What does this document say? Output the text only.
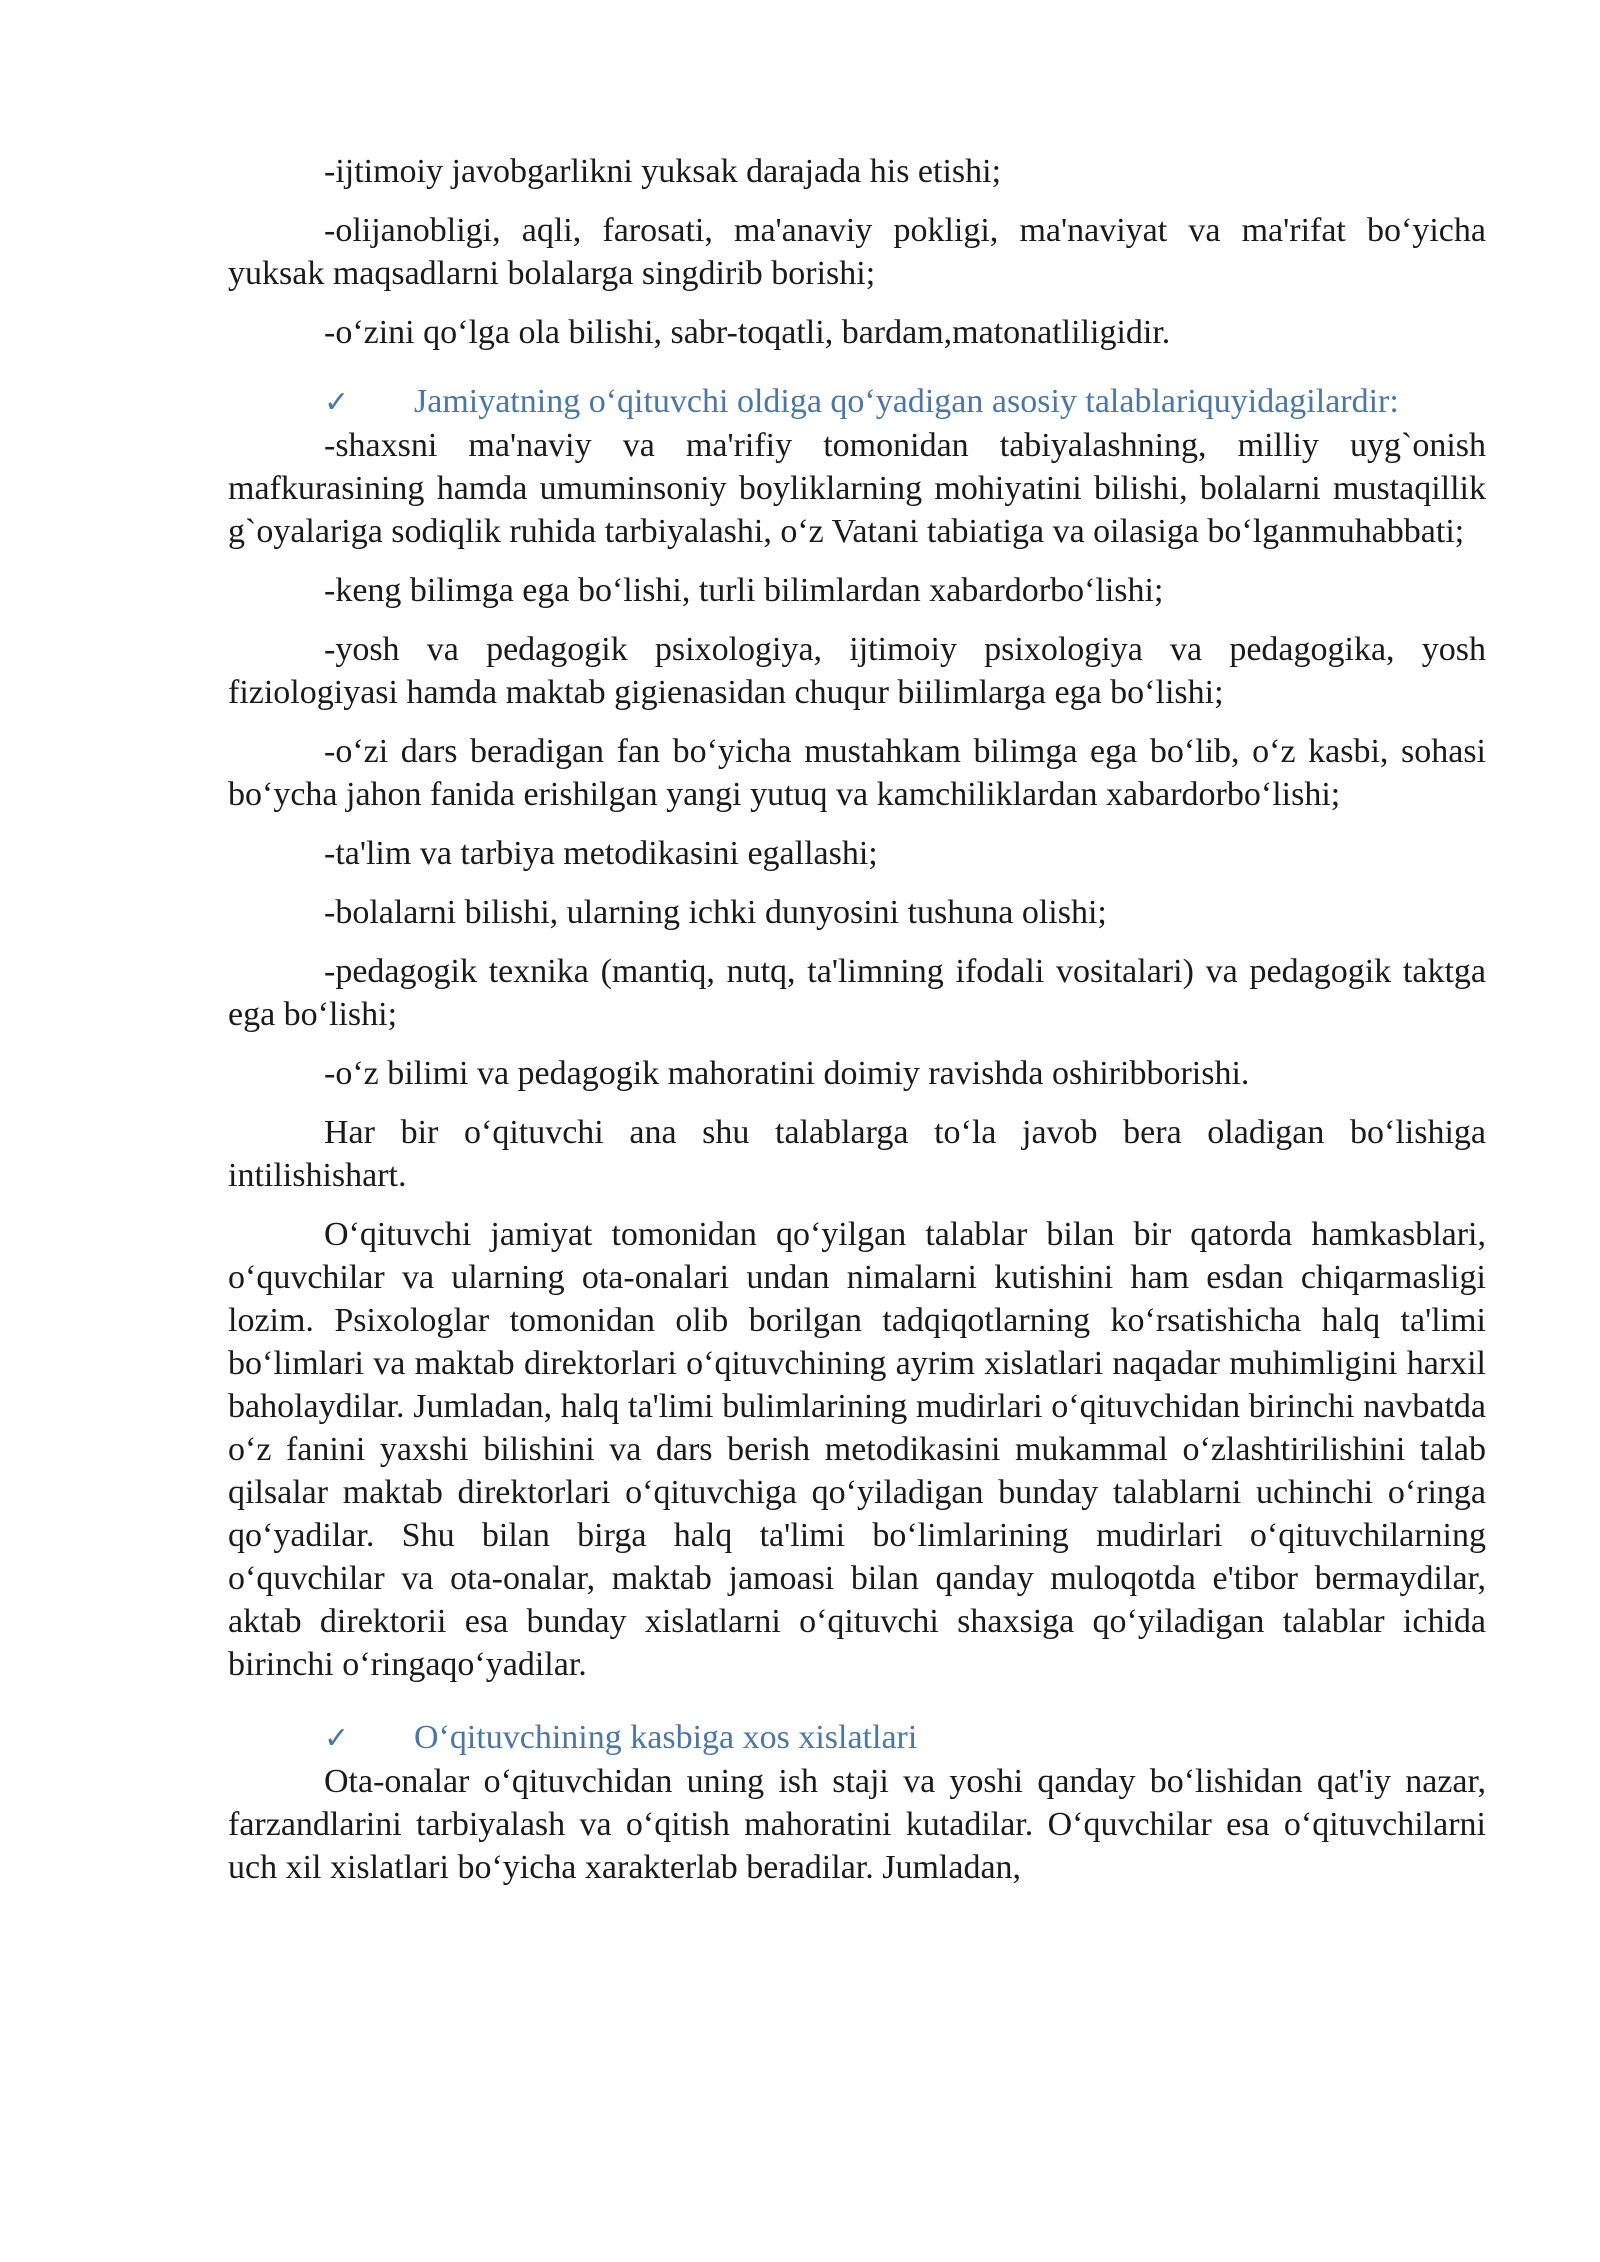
-ijtimoiy javobgarlikni yuksak darajada his etishi;

-olijanobligi, aqli, farosati, ma'anaviy pokligi, ma'naviyat va ma'rifat bo‘yicha yuksak maqsadlarni bolalarga singdirib borishi;

-o‘zini qo‘lga ola bilishi, sabr-toqatli, bardam,matonatliligidir.

✓ Jamiyatning o‘qituvchi oldiga qo‘yadigan asosiy talablariquyidagilardir:

-shaxsni ma'naviy va ma'rifiy tomonidan tabiyalashning, milliy uyg`onish mafkurasining hamda umuminsoniy boyliklarning mohiyatini bilishi, bolalarni mustaqillik g`oyalariga sodiqlik ruhida tarbiyalashi, o‘z Vatani tabiatiga va oilasiga bo‘lganmuhabbati;

-keng bilimga ega bo‘lishi, turli bilimlardan xabardorbo‘lishi;

-yosh va pedagogik psixologiya, ijtimoiy psixologiya va pedagogika, yosh fiziologiyasi hamda maktab gigienasidan chuqur biilimlarga ega bo‘lishi;

-o‘zi dars beradigan fan bo‘yicha mustahkam bilimga ega bo‘lib, o‘z kasbi, sohasi bo‘ycha jahon fanida erishilgan yangi yutuq va kamchiliklardan xabardorbo‘lishi;

-ta'lim va tarbiya metodikasini egallashi;

-bolalarni bilishi, ularning ichki dunyosini tushuna olishi;

-pedagogik texnika (mantiq, nutq, ta'limning ifodali vositalari) va pedagogik taktga ega bo‘lishi;

-o‘z bilimi va pedagogik mahoratini doimiy ravishda oshiribborishi.

Har bir o‘qituvchi ana shu talablarga to‘la javob bera oladigan bo‘lishiga intilishishart.

O‘qituvchi jamiyat tomonidan qo‘yilgan talablar bilan bir qatorda hamkasblari, o‘quvchilar va ularning ota-onalari undan nimalarni kutishini ham esdan chiqarmasligi lozim. Psixologlar tomonidan olib borilgan tadqiqotlarning ko‘rsatishicha halq ta'limi bo‘limlari va maktab direktorlari o‘qituvchining ayrim xislatlari naqadar muhimligini harxil baholaydilar. Jumladan, halq ta'limi bulimlarining mudirlari o‘qituvchidan birinchi navbatda o‘z fanini yaxshi bilishini va dars berish metodikasini mukammal o‘zlashtirilishini talab qilsalar maktab direktorlari o‘qituvchiga qo‘yiladigan bunday talablarni uchinchi o‘ringa qo‘yadilar. Shu bilan birga halq ta'limi bo‘limlarining mudirlari o‘qituvchilarning o‘quvchilar va ota-onalar, maktab jamoasi bilan qanday muloqotda e'tibor bermaydilar, aktab direktorii esa bunday xislatlarni o‘qituvchi shaxsiga qo‘yiladigan talablar ichida birinchi o‘ringaqo‘yadilar.

✓ O‘qituvchining kasbiga xos xislatlari

Ota-onalar o‘qituvchidan uning ish staji va yoshi qanday bo‘lishidan qat'iy nazar, farzandlarini tarbiyalash va o‘qitish mahoratini kutadilar. O‘quvchilar esa o‘qituvchilarni uch xil xislatlari bo‘yicha xarakterlab beradilar. Jumladan,
